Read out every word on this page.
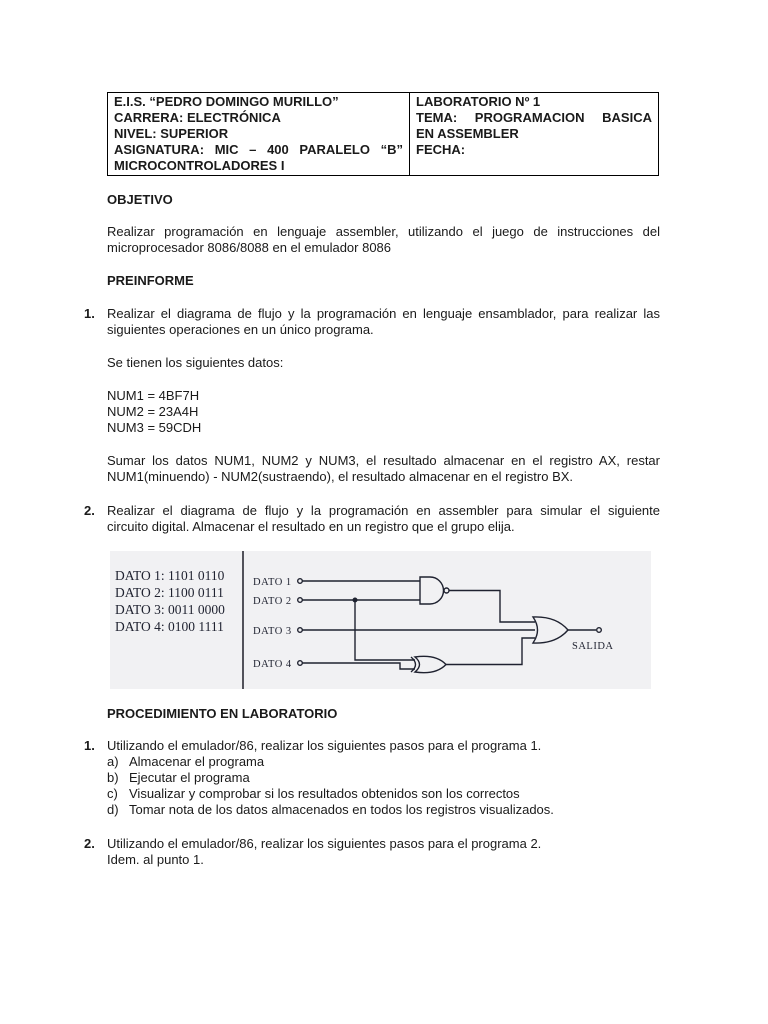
E.I.S. “PEDRO DOMINGO MURILLO”
CARRERA: ELECTRÓNICA
NIVEL: SUPERIOR
ASIGNATURA: MIC – 400 PARALELO “B”
MICROCONTROLADORES I

LABORATORIO Nº 1
TEMA: PROGRAMACION BASICA
EN ASSEMBLER
FECHA:
OBJETIVO
Realizar programación en lenguaje assembler, utilizando el juego de instrucciones del
microprocesador 8086/8088 en el emulador 8086
PREINFORME
1. Realizar el diagrama de flujo y la programación en lenguaje ensamblador, para realizar las
siguientes operaciones en un único programa.
Se tienen los siguientes datos:
NUM1 = 4BF7H
NUM2 = 23A4H
NUM3 = 59CDH
Sumar los datos NUM1, NUM2 y NUM3, el resultado almacenar en el registro AX, restar
NUM1(minuendo) - NUM2(sustraendo), el resultado almacenar en el registro BX.
2. Realizar el diagrama de flujo y la programación en assembler para simular el siguiente
circuito digital. Almacenar el resultado en un registro que el grupo elija.
DATO 1: 1101 0110
DATO 2: 1100 0111
DATO 3: 0011 0000
DATO 4: 0100 1111
DATO 1
DATO 2
DATO 3
DATO 4
SALIDA
PROCEDIMIENTO EN LABORATORIO
1. Utilizando el emulador/86, realizar los siguientes pasos para el programa 1.
a) Almacenar el programa
b) Ejecutar el programa
c) Visualizar y comprobar si los resultados obtenidos son los correctos
d) Tomar nota de los datos almacenados en todos los registros visualizados.
2. Utilizando el emulador/86, realizar los siguientes pasos para el programa 2.
Idem. al punto 1.
